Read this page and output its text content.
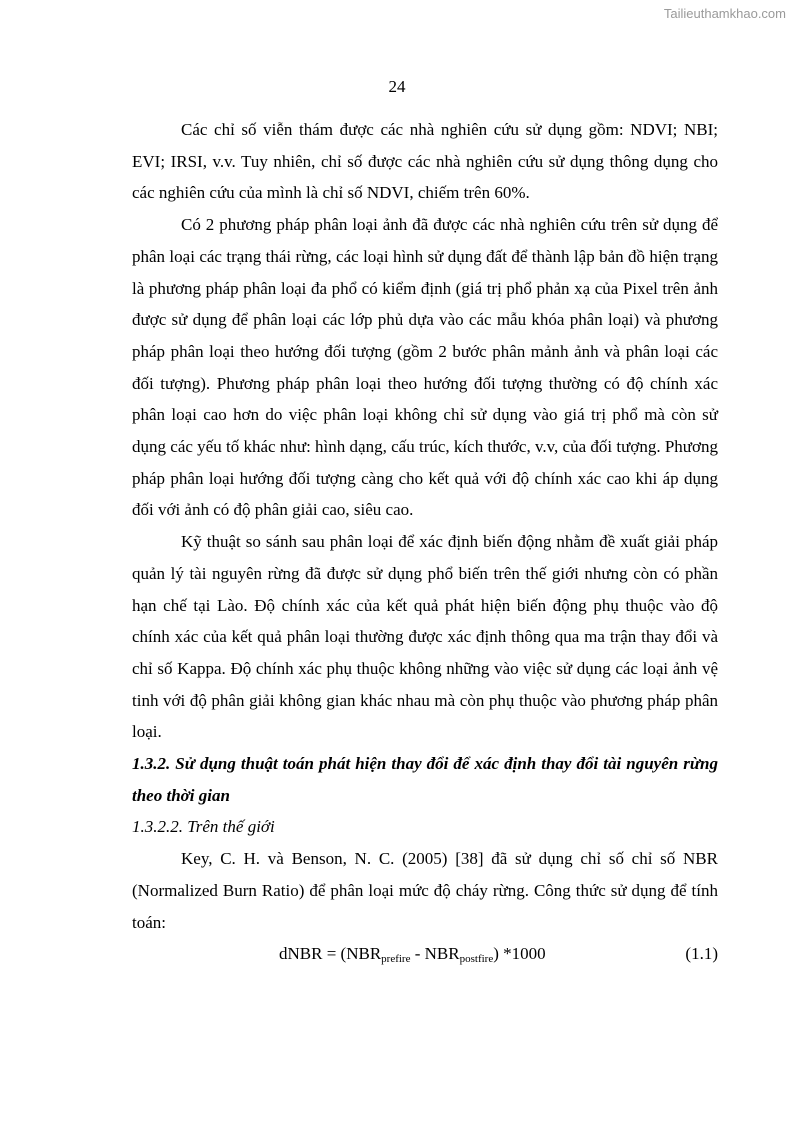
Tailieuthamkhao.com
24

Các chỉ số viễn thám được các nhà nghiên cứu sử dụng gồm: NDVI; NBI; EVI; IRSI, v.v. Tuy nhiên, chỉ số được các nhà nghiên cứu sử dụng thông dụng cho các nghiên cứu của mình là chỉ số NDVI, chiếm trên 60%.

Có 2 phương pháp phân loại ảnh đã được các nhà nghiên cứu trên sử dụng để phân loại các trạng thái rừng, các loại hình sử dụng đất để thành lập bản đồ hiện trạng là phương pháp phân loại đa phổ có kiểm định (giá trị phổ phản xạ của Pixel trên ảnh được sử dụng để phân loại các lớp phủ dựa vào các mẫu khóa phân loại) và phương pháp phân loại theo hướng đối tượng (gồm 2 bước phân mảnh ảnh và phân loại các đối tượng). Phương pháp phân loại theo hướng đối tượng thường có độ chính xác phân loại cao hơn do việc phân loại không chỉ sử dụng vào giá trị phổ mà còn sử dụng các yếu tố khác như: hình dạng, cấu trúc, kích thước, v.v, của đối tượng. Phương pháp phân loại hướng đối tượng càng cho kết quả với độ chính xác cao khi áp dụng đối với ảnh có độ phân giải cao, siêu cao.

Kỹ thuật so sánh sau phân loại để xác định biến động nhằm đề xuất giải pháp quản lý tài nguyên rừng đã được sử dụng phổ biến trên thế giới nhưng còn có phần hạn chế tại Lào. Độ chính xác của kết quả phát hiện biến động phụ thuộc vào độ chính xác của kết quả phân loại thường được xác định thông qua ma trận thay đổi và chỉ số Kappa. Độ chính xác phụ thuộc không những vào việc sử dụng các loại ảnh vệ tinh với độ phân giải không gian khác nhau mà còn phụ thuộc vào phương pháp phân loại.

1.3.2. Sử dụng thuật toán phát hiện thay đổi để xác định thay đổi tài nguyên rừng theo thời gian

1.3.2.2. Trên thế giới

Key, C. H. và Benson, N. C. (2005) [38] đã sử dụng chỉ số chỉ số NBR (Normalized Burn Ratio) để phân loại mức độ cháy rừng. Công thức sử dụng để tính toán:

dNBR = $(NBR_{prefire} - NBR_{postfire})$ *1000	(1.1)
